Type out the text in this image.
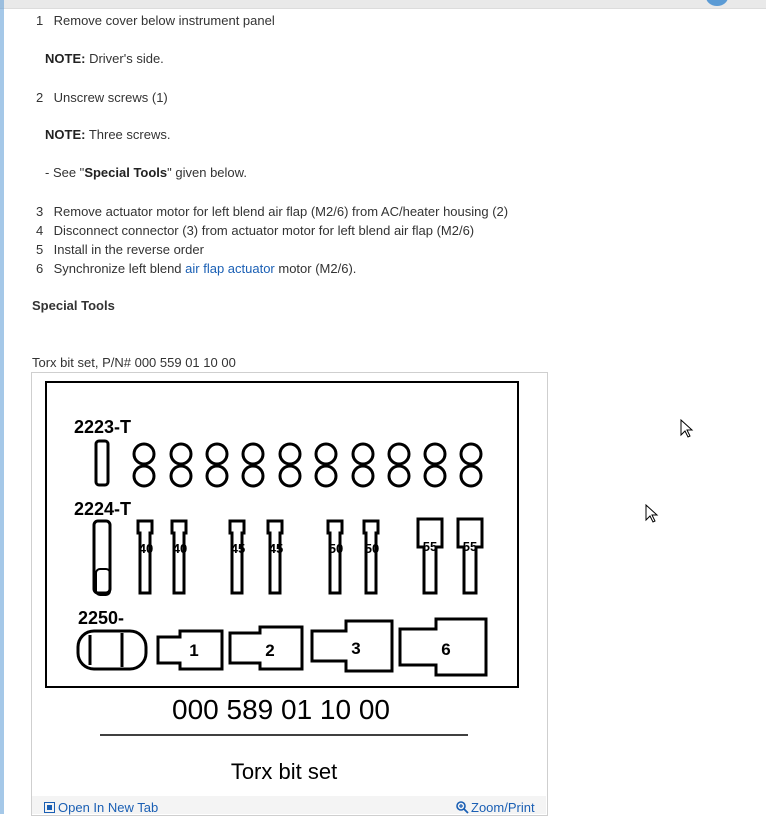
1 Remove cover below instrument panel
NOTE: Driver's side.
2 Unscrew screws (1)
NOTE: Three screws.
- See "Special Tools" given below.
3 Remove actuator motor for left blend air flap (M2/6) from AC/heater housing (2)
4 Disconnect connector (3) from actuator motor for left blend air flap (M2/6)
5 Install in the reverse order
6 Synchronize left blend air flap actuator motor (M2/6).
Special Tools
Torx bit set, P/N# 000 559 01 10 00
2223-T
2224-T
2250-
40 40	45 45	50 50	55 55
1	2	3	6
000 589 01 10 00
Torx bit set
Open In New Tab	Zoom/Print
